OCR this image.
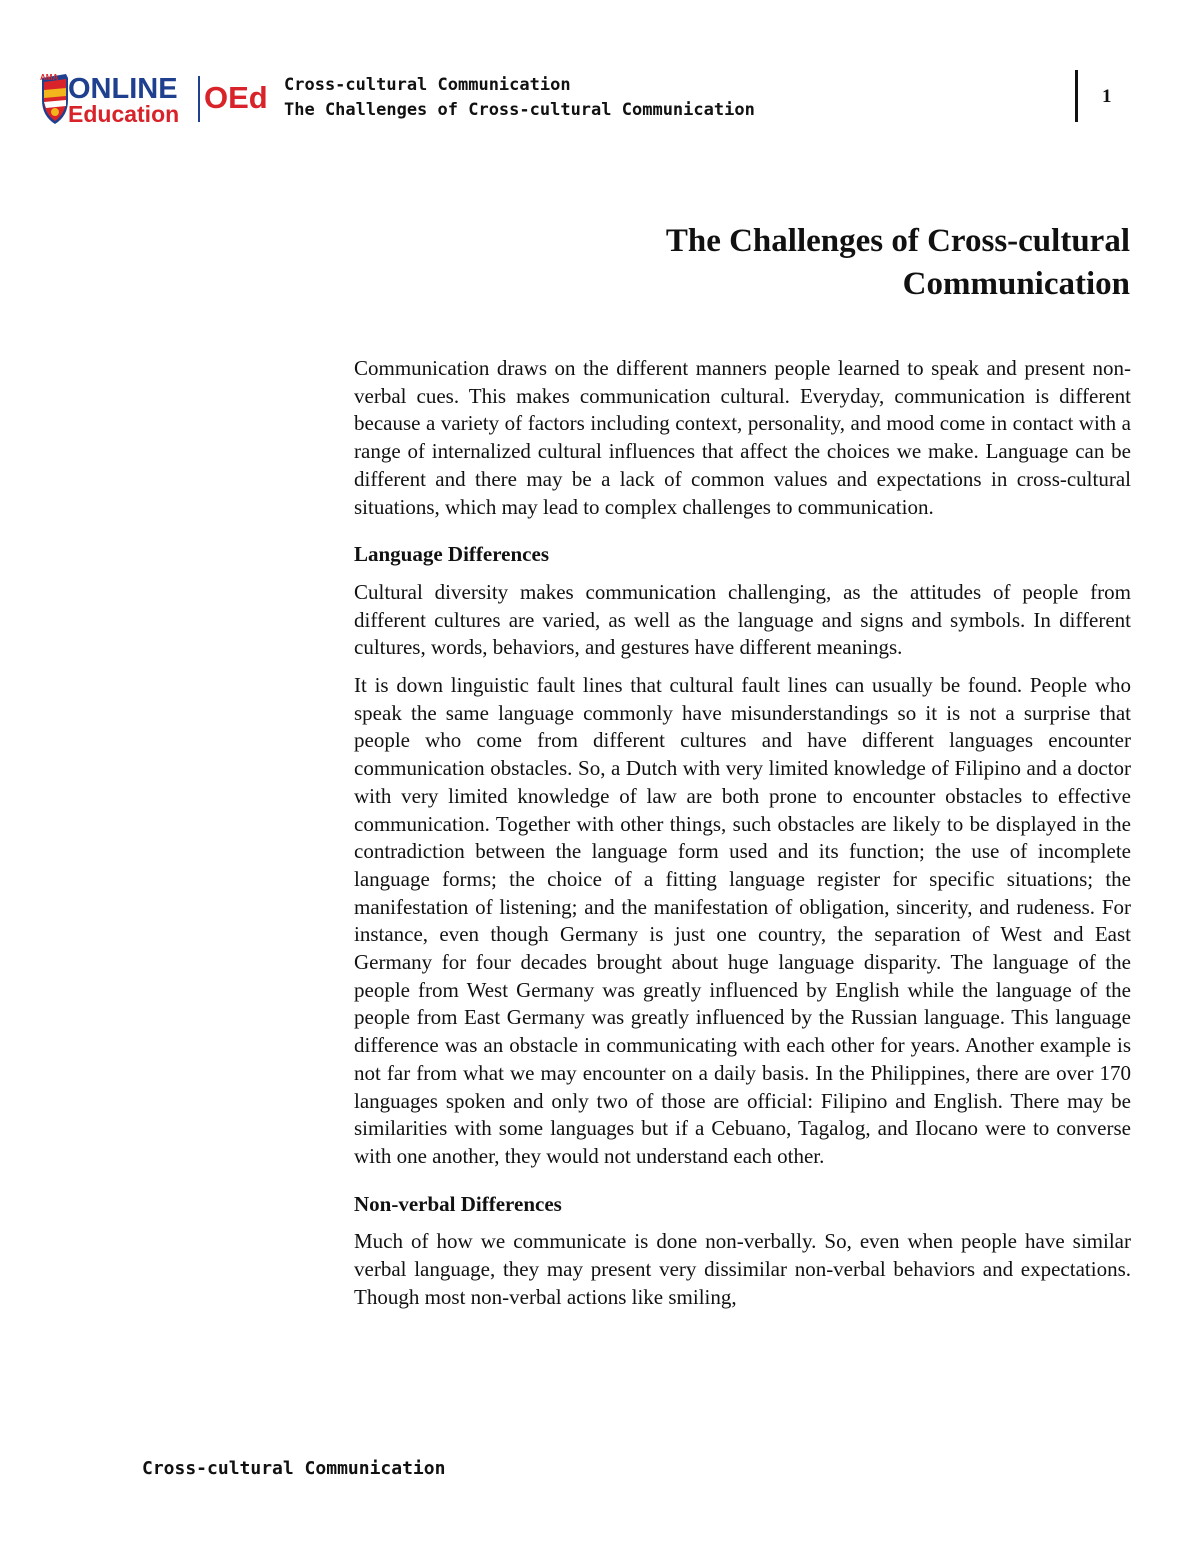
AMA ONLINE
Education OEd Cross-cultural Communication
The Challenges of Cross-cultural Communication
1
The Challenges of Cross-cultural Communication

Communication draws on the different manners people learned to speak and present non-verbal cues. This makes communication cultural. Everyday, communication is different because a variety of factors including context, personality, and mood come in contact with a range of internalized cultural influences that affect the choices we make. Language can be different and there may be a lack of common values and expectations in cross-cultural situations, which may lead to complex challenges to communication.

Language Differences

Cultural diversity makes communication challenging, as the attitudes of people from different cultures are varied, as well as the language and signs and symbols. In different cultures, words, behaviors, and gestures have different meanings.

It is down linguistic fault lines that cultural fault lines can usually be found. People who speak the same language commonly have misunderstandings so it is not a surprise that people who come from different cultures and have different languages encounter communication obstacles. So, a Dutch with very limited knowledge of Filipino and a doctor with very limited knowledge of law are both prone to encounter obstacles to effective communication. Together with other things, such obstacles are likely to be displayed in the contradiction between the language form used and its function; the use of incomplete language forms; the choice of a fitting language register for specific situations; the manifestation of listening; and the manifestation of obligation, sincerity, and rudeness. For instance, even though Germany is just one country, the separation of West and East Germany for four decades brought about huge language disparity. The language of the people from West Germany was greatly influenced by English while the language of the people from East Germany was greatly influenced by the Russian language. This language difference was an obstacle in communicating with each other for years. Another example is not far from what we may encounter on a daily basis. In the Philippines, there are over 170 languages spoken and only two of those are official: Filipino and English. There may be similarities with some languages but if a Cebuano, Tagalog, and Ilocano were to converse with one another, they would not understand each other.

Non-verbal Differences

Much of how we communicate is done non-verbally. So, even when people have similar verbal language, they may present very dissimilar non-verbal behaviors and expectations. Though most non-verbal actions like smiling,

Cross-cultural Communication
